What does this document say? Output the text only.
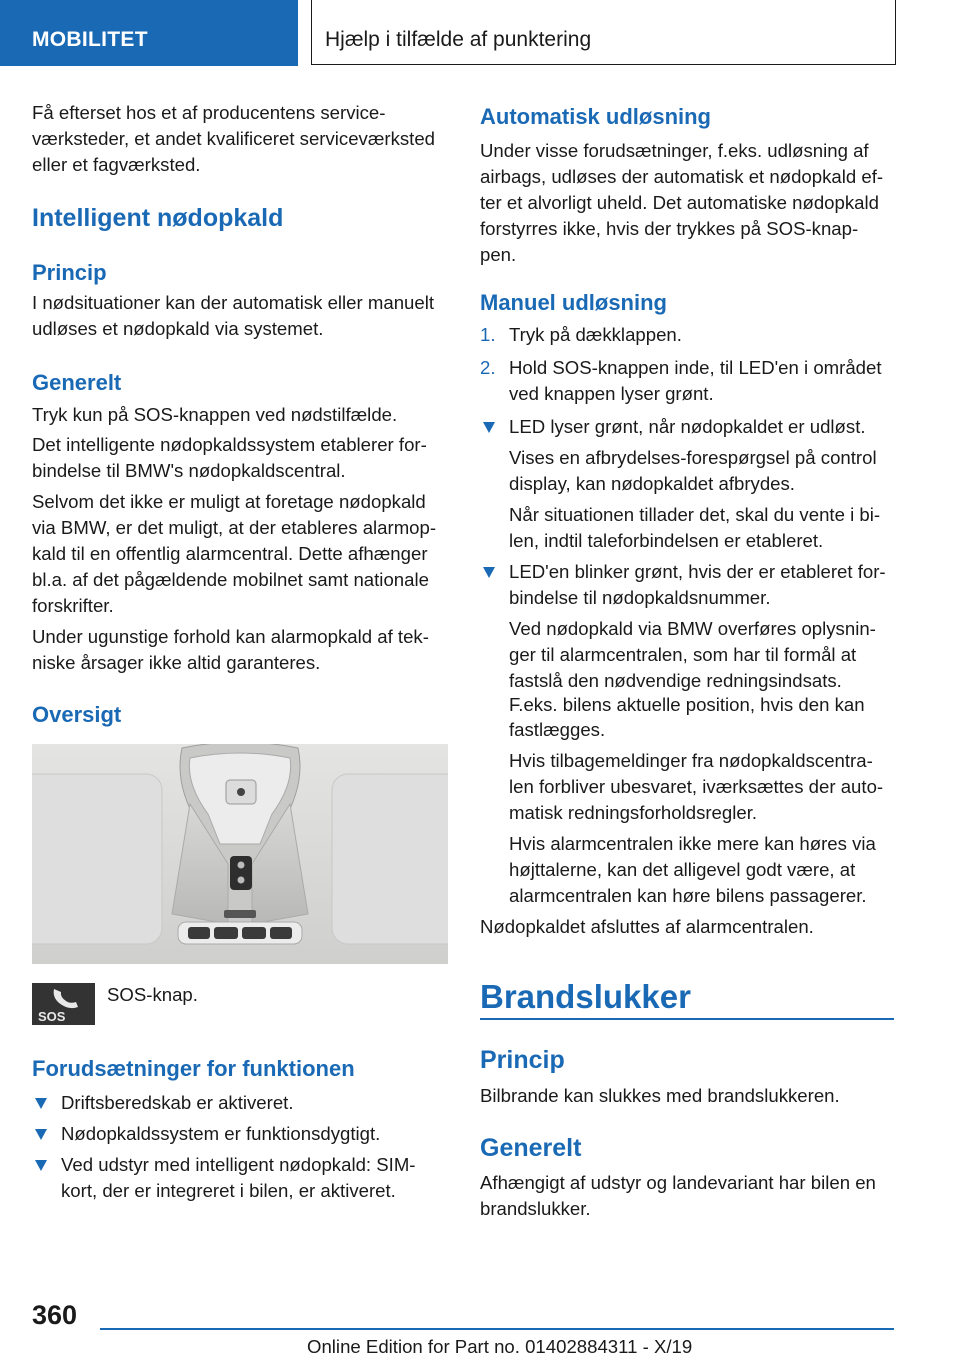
MOBILITET	Hjælp i tilfælde af punktering

Få efterset hos et af producentens service-

værksteder, et andet kvalificeret serviceværksted

eller et fagværksted.

Intelligent nødopkald
Princip

I nødsituationer kan der automatisk eller manuelt

udløses et nødopkald via systemet.

Generelt

Tryk kun på SOS-knappen ved nødstilfælde.

Det intelligente nødopkaldssystem etablerer for-

bindelse til BMW's nødopkaldscentral.

Selvom det ikke er muligt at foretage nødopkald

via BMW, er det muligt, at der etableres alarmop-

kald til en offentlig alarmcentral. Dette afhænger

bl.a. af det pågældende mobilnet samt nationale

forskrifter.

Under ugunstige forhold kan alarmopkald af tek-

niske årsager ikke altid garanteres.

Oversigt
SOS

SOS-knap.

Forudsætninger for funktionen

Driftsberedskab er aktiveret.

Nødopkaldssystem er funktionsdygtigt.

Ved udstyr med intelligent nødopkald: SIM-

kort, der er integreret i bilen, er aktiveret.

Automatisk udløsning

Under visse forudsætninger, f.eks. udløsning af

airbags, udløses der automatisk et nødopkald ef-

ter et alvorligt uheld. Det automatiske nødopkald

forstyrres ikke, hvis der trykkes på SOS-knap-

pen.

Manuel udløsning
1. Tryk på dækklappen.

2. Hold SOS-knappen inde, til LED'en i området

ved knappen lyser grønt.

LED lyser grønt, når nødopkaldet er udløst.

Vises en afbrydelses-forespørgsel på control

display, kan nødopkaldet afbrydes.

Når situationen tillader det, skal du vente i bi-

len, indtil taleforbindelsen er etableret.

LED'en blinker grønt, hvis der er etableret for-

bindelse til nødopkaldsnummer.

Ved nødopkald via BMW overføres oplysnin-

ger til alarmcentralen, som har til formål at

fastslå den nødvendige redningsindsats.

F.eks. bilens aktuelle position, hvis den kan

fastlægges.

Hvis tilbagemeldinger fra nødopkaldscentra-

len forbliver ubesvaret, iværksættes der auto-

matisk redningsforholdsregler.

Hvis alarmcentralen ikke mere kan høres via

højttalerne, kan det alligevel godt være, at

alarmcentralen kan høre bilens passagerer.

Nødopkaldet afsluttes af alarmcentralen.

Brandslukker
Princip

Bilbrande kan slukkes med brandslukkeren.

Generelt

Afhængigt af udstyr og landevariant har bilen en

brandslukker.

360
Online Edition for Part no. 01402884311 - X/19
